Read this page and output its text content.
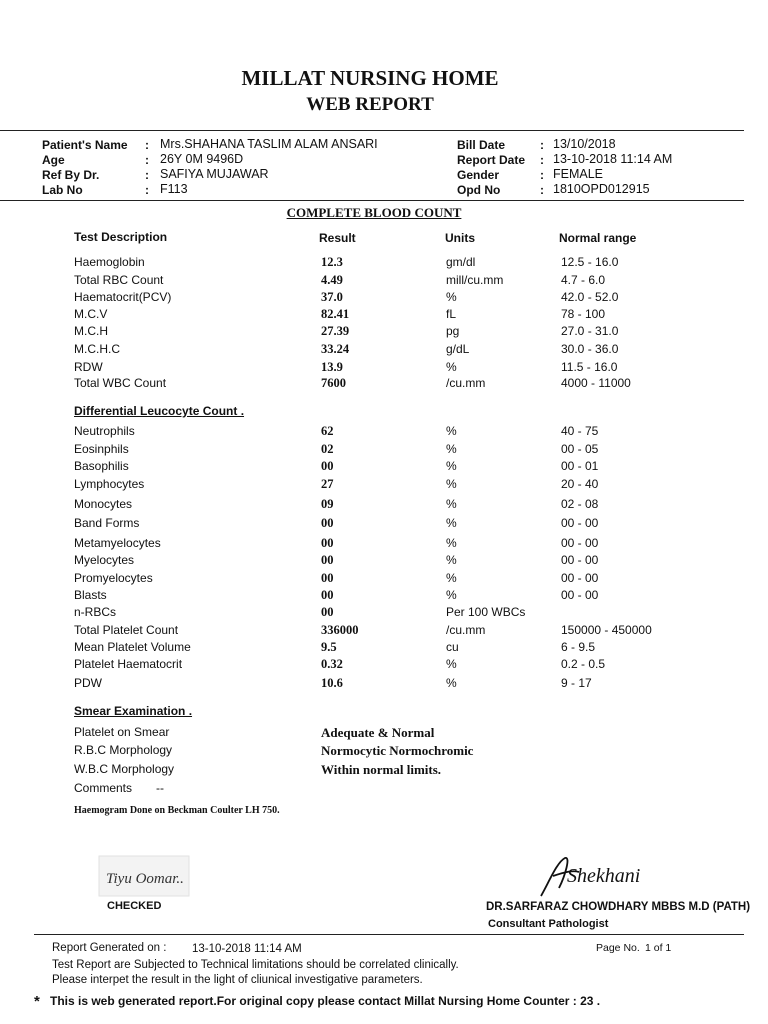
MILLAT NURSING HOME
WEB REPORT
Patient's Name : Mrs.SHAHANA TASLIM ALAM ANSARI
Age	: 26Y 0M 9496D
Ref By Dr.	: SAFIYA MUJAWAR
Lab No	: F113
Bill Date	: 13/10/2018
Report Date : 13-10-2018 11:14 AM
Gender	: FEMALE
Opd No	: 1810OPD012915
COMPLETE BLOOD COUNT
Test Description	Result	Units	Normal range
Haemoglobin	12.3	gm/dl	12.5 - 16.0
Total RBC Count	4.49	mill/cu.mm	4.7 - 6.0
Haematocrit(PCV)	37.0	%	42.0 - 52.0
M.C.V	82.41	fL	78 - 100
M.C.H	27.39	pg	27.0 - 31.0
M.C.H.C	33.24	g/dL	30.0 - 36.0
RDW	13.9	%	11.5 - 16.0
Total WBC Count	7600	/cu.mm	4000 - 11000
Differential Leucocyte Count .
Neutrophils	62	%	40 - 75
Eosinphils	02	%	00 - 05
Basophilis	00	%	00 - 01
Lymphocytes	27	%	20 - 40
Monocytes	09	%	02 - 08
Band Forms	00	%	00 - 00
Metamyelocytes	00	%	00 - 00
Myelocytes	00	%	00 - 00
Promyelocytes	00	%	00 - 00
Blasts	00	%	00 - 00
n-RBCs	00	Per 100 WBCs
Total Platelet Count	336000	/cu.mm	150000 - 450000
Mean Platelet Volume	9.5	cu	6 - 9.5
Platelet Haematocrit	0.32	%	0.2 - 0.5
PDW	10.6	%	9 - 17
Smear Examination .
Platelet on Smear	Adequate & Normal
R.B.C Morphology	Normocytic Normochromic
W.B.C Morphology	Within normal limits.
Comments --
Haemogram Done on Beckman Coulter LH 750.
Tiyu Oomar..
CHECKED
Shekhani
DR.SARFARAZ CHOWDHARY MBBS M.D (PATH)
Consultant Pathologist
Report Generated on : 13-10-2018 11:14 AM	Page No. 1 of 1
Test Report are Subjected to Technical limitations should be correlated clinically.
Please interpet the result in the light of cliunical investigative parameters.
* This is web generated report.For original copy please contact Millat Nursing Home Counter : 23 .
